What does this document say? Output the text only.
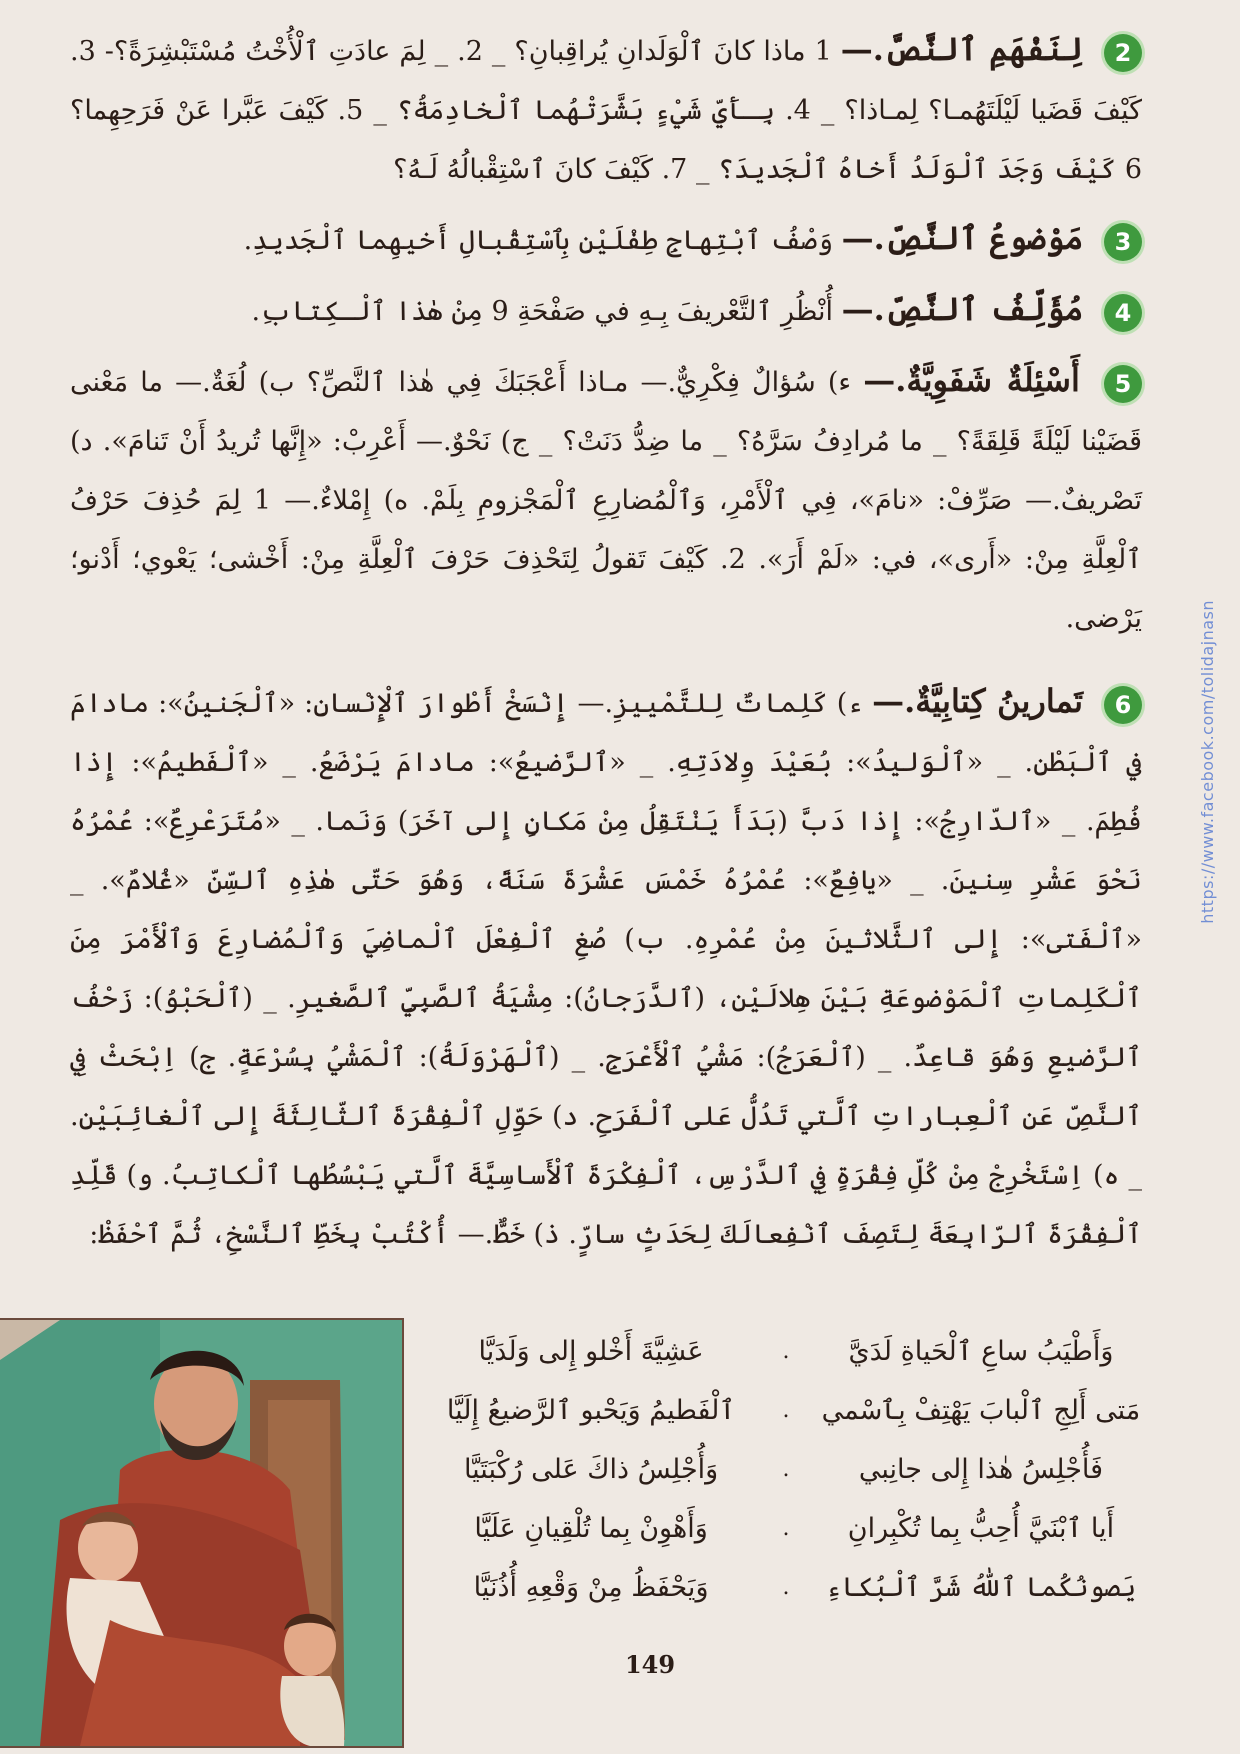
2 لِنَفْهَمِ ٱلنَّصَّ.— 1 ماذا كانَ ٱلْوَلَدانِ يُراقِبانِ؟ _ 2. _ لِمَ عادَتِ ٱلْأُخْتُ مُسْتَبْشِرَةً؟- 3. كَيْفَ قَضَيا لَيْلَتَهُمـا؟ لِمـاذا؟ _ 4. بِـأَيِّ شَيْءٍ بَشَّرَتْهُما ٱلْخادِمَةُ؟ _ 5. كَيْفَ عَبَّرا عَنْ فَرَحِهِما؟ 6 كَيْفَ وَجَدَ ٱلْوَلَدُ أَخاهُ ٱلْجَديدَ؟ _ 7. كَيْفَ كانَ ٱسْتِقْبالُهُ لَـهُ؟
3 مَوْضوعُ ٱلنَّصِّ.— وَصْفُ ٱبْتِهاجِ طِفْلَيْنِ بِٱسْتِقْبالِ أَخيهِما ٱلْجَديدِ.
4 مُؤَلِّفُ ٱلنَّصِّ.— أُنْظُرِ ٱلتَّعْريفَ بِـهِ في صَفْحَةِ 9 مِنْ هٰذا ٱلْـكِتابِ.
5 أَسْئِلَةٌ شَفَوِيَّةٌ.— ء) سُؤالٌ فِكْرِيٌّ.— مـاذا أَعْجَبَكَ فِي هٰذا ٱلنَّصِّ؟ ب) لُغَةٌ.— ما مَعْنى قَضَيْنا لَيْلَةً قَلِقَةً؟ _ ما مُرادِفُ سَرَّهُ؟ _ ما ضِدُّ دَنَتْ؟ _ ج) نَحْوٌ.— أَعْرِبْ: «إِنَّها تُريدُ أَنْ تَنامَ». د) تَصْريفٌ.— صَرِّفْ: «نامَ»، فِي ٱلْأَمْرِ، وَٱلْمُضارِعِ ٱلْمَجْزومِ بِلَمْ. ه) إِمْلاءٌ.— 1 لِمَ حُذِفَ حَرْفُ ٱلْعِلَّةِ مِنْ: «أَرى»، في: «لَمْ أَرَ». 2. كَيْفَ تَقولُ لِتَحْذِفَ حَرْفَ ٱلْعِلَّةِ مِنْ: أَخْشى؛ يَعْوي؛ أَدْنو؛ يَرْضى.
6 تَمارينُ كِتابِيَّةٌ.— ء) كَلِماتٌ لِلتَّمْييزِ.— إِنْسَخْ أَطْوارَ ٱلْإِنْسانِ: «ٱلْجَنينُ»: مادامَ في ٱلْبَطْنِ. _ «ٱلْوَليدُ»: بُعَيْدَ وِلادَتِهِ. _ «ٱلرَّضيعُ»: مادامَ يَرْضَعُ. _ «ٱلْفَطيمُ»: إِذا فُطِمَ. _ «ٱلدّارِجُ»: إِذا دَبَّ (بَدَأَ يَنْتَقِلُ مِنْ مَكانٍ إِلى آخَرَ) وَنَما. _ «مُتَرَعْرِعٌ»: عُمْرُهُ نَحْوَ عَشْرِ سِنينَ. _ «يافِعٌ»: عُمْرُهُ خَمْسَ عَشْرَةَ سَنَةً، وَهُوَ حَتّى هٰذِهِ ٱلسِّنِّ «غُلامٌ». _ «ٱلْفَتى»: إِلى ٱلثَّلاثينَ مِنْ عُمْرِهِ. ب) صُغِ ٱلْفِعْلَ ٱلْماضِيَ وَٱلْمُضارِعَ وَٱلْأَمْرَ مِنَ ٱلْكَلِماتِ ٱلْمَوْضوعَةِ بَيْنَ هِلالَيْنِ، (ٱلدَّرَجانُ): مِشْيَةُ ٱلصَّبِيِّ ٱلصَّغيرِ. _ (ٱلْحَبْوُ): زَحْفُ ٱلرَّضيعِ وَهُوَ قاعِدٌ. _ (ٱلْعَرَجُ): مَشْيُ ٱلْأَعْرَجِ. _ (ٱلْهَرْوَلَةُ): ٱلْمَشْيُ بِسُرْعَةٍ. ج) اِبْحَثْ فِي ٱلنَّصِّ عَنِ ٱلْعِباراتِ ٱلَّتي تَدُلُّ عَلى ٱلْفَرَحِ. د) حَوِّلِ ٱلْفِقْرَةَ ٱلثّالِثَةَ إِلى ٱلْغائِبَيْنِ. _ ه) اِسْتَخْرِجْ مِنْ كُلِّ فِقْرَةٍ فِي ٱلدَّرْسِ، ٱلْفِكْرَةَ ٱلْأَساسِيَّةَ ٱلَّتي يَبْسُطُها ٱلْكاتِبُ. و) قَلِّدِ ٱلْفِقْرَةَ ٱلرّابِعَةَ لِتَصِفَ ٱنْفِعالَكَ لِحَدَثٍ سارٍّ. ذ) خَطٌّ.— أُكْتُبْ بِخَطِّ ٱلنَّسْخِ، ثُمَّ ٱحْفَظْ:
https://www.facebook.com/tolidajnasn
وَأَطْيَبُ ساعِ ٱلْحَياةِ لَدَيَّ
.
عَشِيَّةَ أَخْلو إِلى وَلَدَيَّا
مَتى أَلِجِ ٱلْبابَ يَهْتِفْ بِٱسْمي
.
ٱلْفَطيمُ وَيَحْبو ٱلرَّضيعُ إِلَيَّا
فَأُجْلِسُ هٰذا إِلى جانِبي
.
وَأُجْلِسُ ذاكَ عَلى رُكْبَتَيَّا
أَيا ٱبْنَيَّ أُحِبُّ بِما تُكْبِرانِ
.
وَأَهْوِنْ بِما تُلْقِيانِ عَلَيَّا
يَصونُكُما ٱللّٰهُ شَرَّ ٱلْبُكاءِ
.
وَيَحْفَظُ مِنْ وَقْعِهِ أُذُنَيَّا
149
